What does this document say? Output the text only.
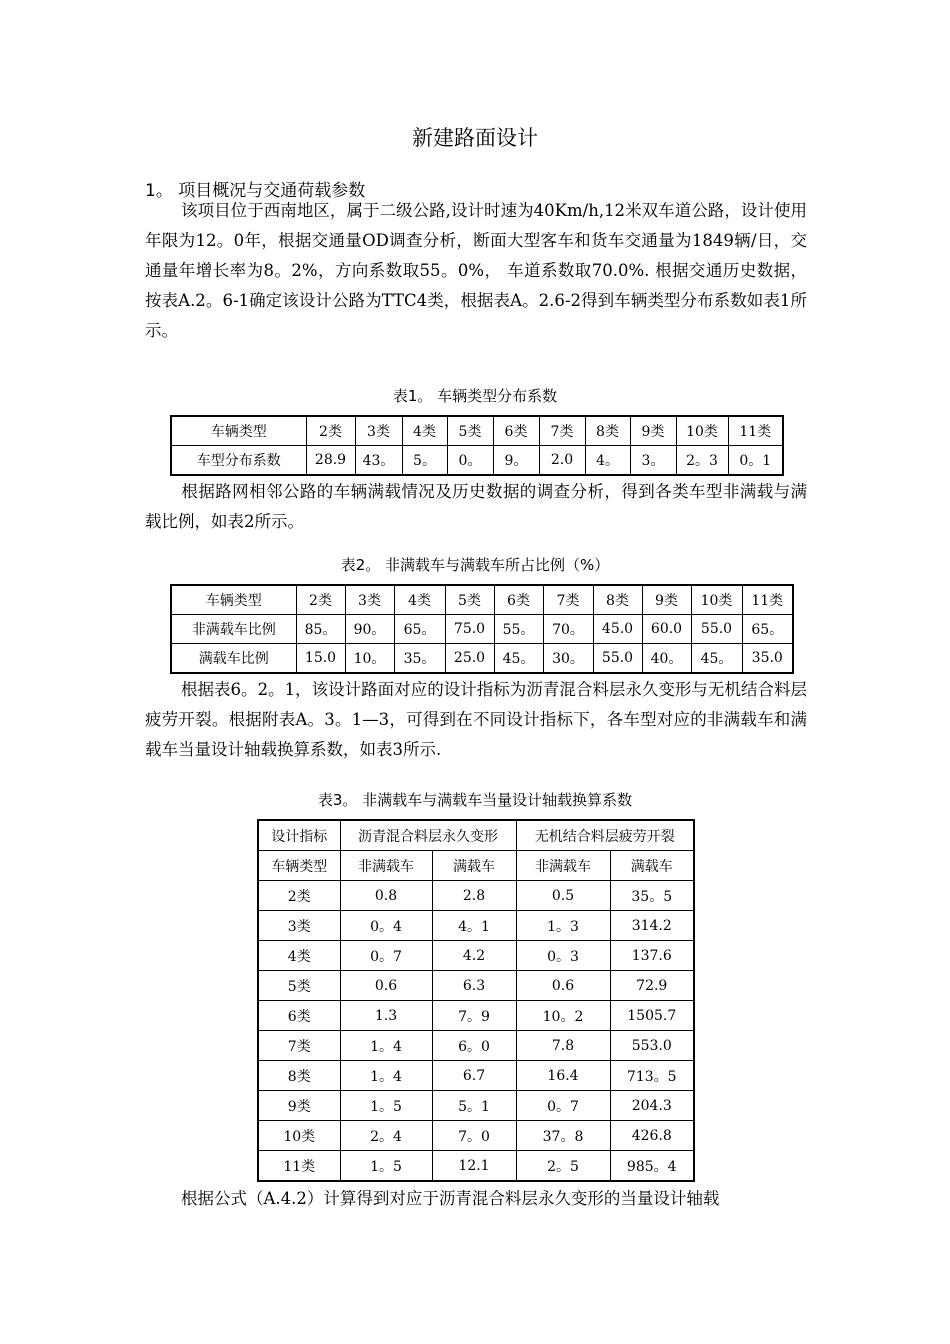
新建路面设计
1。 项目概况与交通荷载参数
该项目位于西南地区，属于二级公路,设计时速为40Km/h,12米双车道公路，设计使用年限为12。0年，根据交通量OD调查分析，断面大型客车和货车交通量为1849辆/日，交通量年增长率为8。2%，方向系数取55。0%， 车道系数取70.0%. 根据交通历史数据，按表A.2。6-1确定该设计公路为TTC4类，根据表A。2.6-2得到车辆类型分布系数如表1所示。
表1。 车辆类型分布系数
车辆类型	2类	3类	4类	5类	6类	7类	8类	9类	10类	11类
车型分布系数	28.9	43。	5。	0。	9。	2.0	4。	3。	2。3	0。1
根据路网相邻公路的车辆满载情况及历史数据的调查分析，得到各类车型非满载与满载比例，如表2所示。
表2。 非满载车与满载车所占比例（%）
车辆类型	2类	3类	4类	5类	6类	7类	8类	9类	10类	11类
非满载车比例	85。	90。	65。	75.0	55。	70。	45.0	60.0	55.0	65。
满载车比例	15.0	10。	35。	25.0	45。	30。	55.0	40。	45。	35.0
根据表6。2。1，该设计路面对应的设计指标为沥青混合料层永久变形与无机结合料层疲劳开裂。根据附表A。3。1—3，可得到在不同设计指标下，各车型对应的非满载车和满载车当量设计轴载换算系数，如表3所示.
表3。 非满载车与满载车当量设计轴载换算系数
设计指标	沥青混合料层永久变形		无机结合料层疲劳开裂	
车辆类型	非满载车	满载车	非满载车	满载车
2类	0.8	2.8	0.5	35。5
3类	0。4	4。1	1。3	314.2
4类	0。7	4.2	0。3	137.6
5类	0.6	6.3	0.6	72.9
6类	1.3	7。9	10。2	1505.7
7类	1。4	6。0	7.8	553.0
8类	1。4	6.7	16.4	713。5
9类	1。5	5。1	0。7	204.3
10类	2。4	7。0	37。8	426.8
11类	1。5	12.1	2。5	985。4
根据公式（A.4.2）计算得到对应于沥青混合料层永久变形的当量设计轴载
